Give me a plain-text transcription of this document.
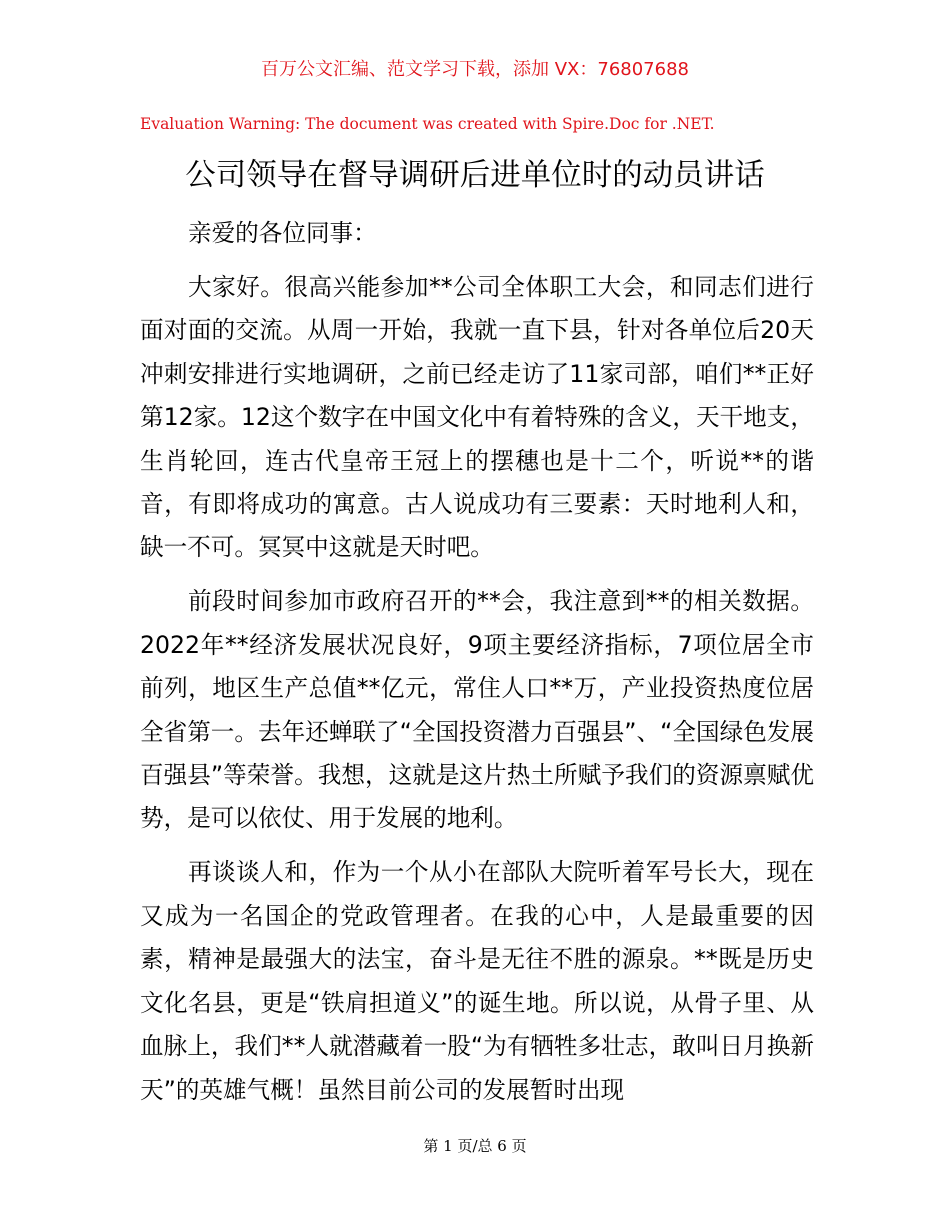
百万公文汇编、范文学习下载，添加 VX：76807688
Evaluation Warning: The document was created with Spire.Doc for .NET.
公司领导在督导调研后进单位时的动员讲话

亲爱的各位同事：

大家好。很高兴能参加**公司全体职工大会，和同志们进行面对面的交流。从周一开始，我就一直下县，针对各单位后20天冲刺安排进行实地调研，之前已经走访了11家司部，咱们**正好第12家。12这个数字在中国文化中有着特殊的含义，天干地支，生肖轮回，连古代皇帝王冠上的摆穗也是十二个，听说**的谐音，有即将成功的寓意。古人说成功有三要素：天时地利人和，缺一不可。冥冥中这就是天时吧。

前段时间参加市政府召开的**会，我注意到**的相关数据。2022年**经济发展状况良好，9项主要经济指标，7项位居全市前列，地区生产总值**亿元，常住人口**万，产业投资热度位居全省第一。去年还蝉联了“全国投资潜力百强县”、“全国绿色发展百强县”等荣誉。我想，这就是这片热土所赋予我们的资源禀赋优势，是可以依仗、用于发展的地利。

再谈谈人和，作为一个从小在部队大院听着军号长大，现在又成为一名国企的党政管理者。在我的心中，人是最重要的因素，精神是最强大的法宝，奋斗是无往不胜的源泉。**既是历史文化名县，更是“铁肩担道义”的诞生地。所以说，从骨子里、从血脉上，我们**人就潜藏着一股“为有牺牲多壮志，敢叫日月换新天”的英雄气概！虽然目前公司的发展暂时出现

第 1 页/总 6 页
